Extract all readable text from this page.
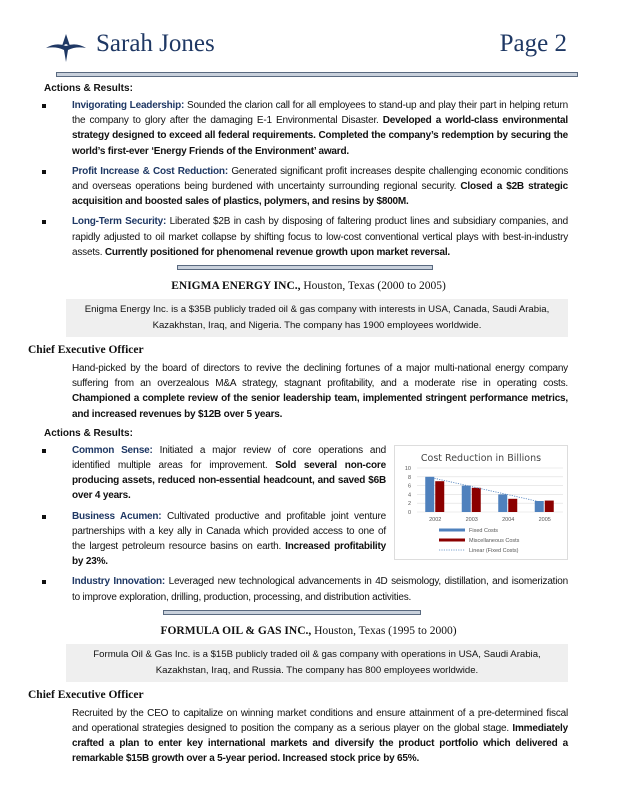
Sarah Jones	Page 2
Actions & Results:
Invigorating Leadership: Sounded the clarion call for all employees to stand-up and play their part in helping return the company to glory after the damaging E-1 Environmental Disaster. Developed a world-class environmental strategy designed to exceed all federal requirements. Completed the company’s redemption by securing the world’s first-ever ‘Energy Friends of the Environment’ award.
Profit Increase & Cost Reduction: Generated significant profit increases despite challenging economic conditions and overseas operations being burdened with uncertainty surrounding regional security. Closed a $2B strategic acquisition and boosted sales of plastics, polymers, and resins by $800M.
Long-Term Security: Liberated $2B in cash by disposing of faltering product lines and subsidiary companies, and rapidly adjusted to oil market collapse by shifting focus to low-cost conventional vertical plays with best-in-industry assets. Currently positioned for phenomenal revenue growth upon market reversal.
ENIGMA ENERGY INC., Houston, Texas (2000 to 2005)
Enigma Energy Inc. is a $35B publicly traded oil & gas company with interests in USA, Canada, Saudi Arabia, Kazakhstan, Iraq, and Nigeria. The company has 1900 employees worldwide.
Chief Executive Officer
Hand-picked by the board of directors to revive the declining fortunes of a major multi-national energy company suffering from an overzealous M&A strategy, stagnant profitability, and a moderate rise in operating costs. Championed a complete review of the senior leadership team, implemented stringent performance metrics, and increased revenues by $12B over 5 years.
Actions & Results:
Common Sense: Initiated a major review of core operations and identified multiple areas for improvement. Sold several non-core producing assets, reduced non-essential headcount, and saved $6B over 4 years.
Business Acumen: Cultivated productive and profitable joint venture partnerships with a key ally in Canada which provided access to one of the largest petroleum resource basins on earth. Increased profitability by 23%.
Cost Reduction in Billions
0
2
4
6
8
10
2002	2003	2004	2005
Fixed Costs
Miscellaneous Costs
Linear (Fixed Costs)
Industry Innovation: Leveraged new technological advancements in 4D seismology, distillation, and isomerization to improve exploration, drilling, production, processing, and distribution activities.
FORMULA OIL & GAS INC., Houston, Texas (1995 to 2000)
Formula Oil & Gas Inc. is a $15B publicly traded oil & gas company with operations in USA, Saudi Arabia, Kazakhstan, Iraq, and Russia. The company has 800 employees worldwide.
Chief Executive Officer
Recruited by the CEO to capitalize on winning market conditions and ensure attainment of a pre-determined fiscal and operational strategies designed to position the company as a serious player on the global stage. Immediately crafted a plan to enter key international markets and diversify the product portfolio which delivered a remarkable $15B growth over a 5-year period. Increased stock price by 65%.
